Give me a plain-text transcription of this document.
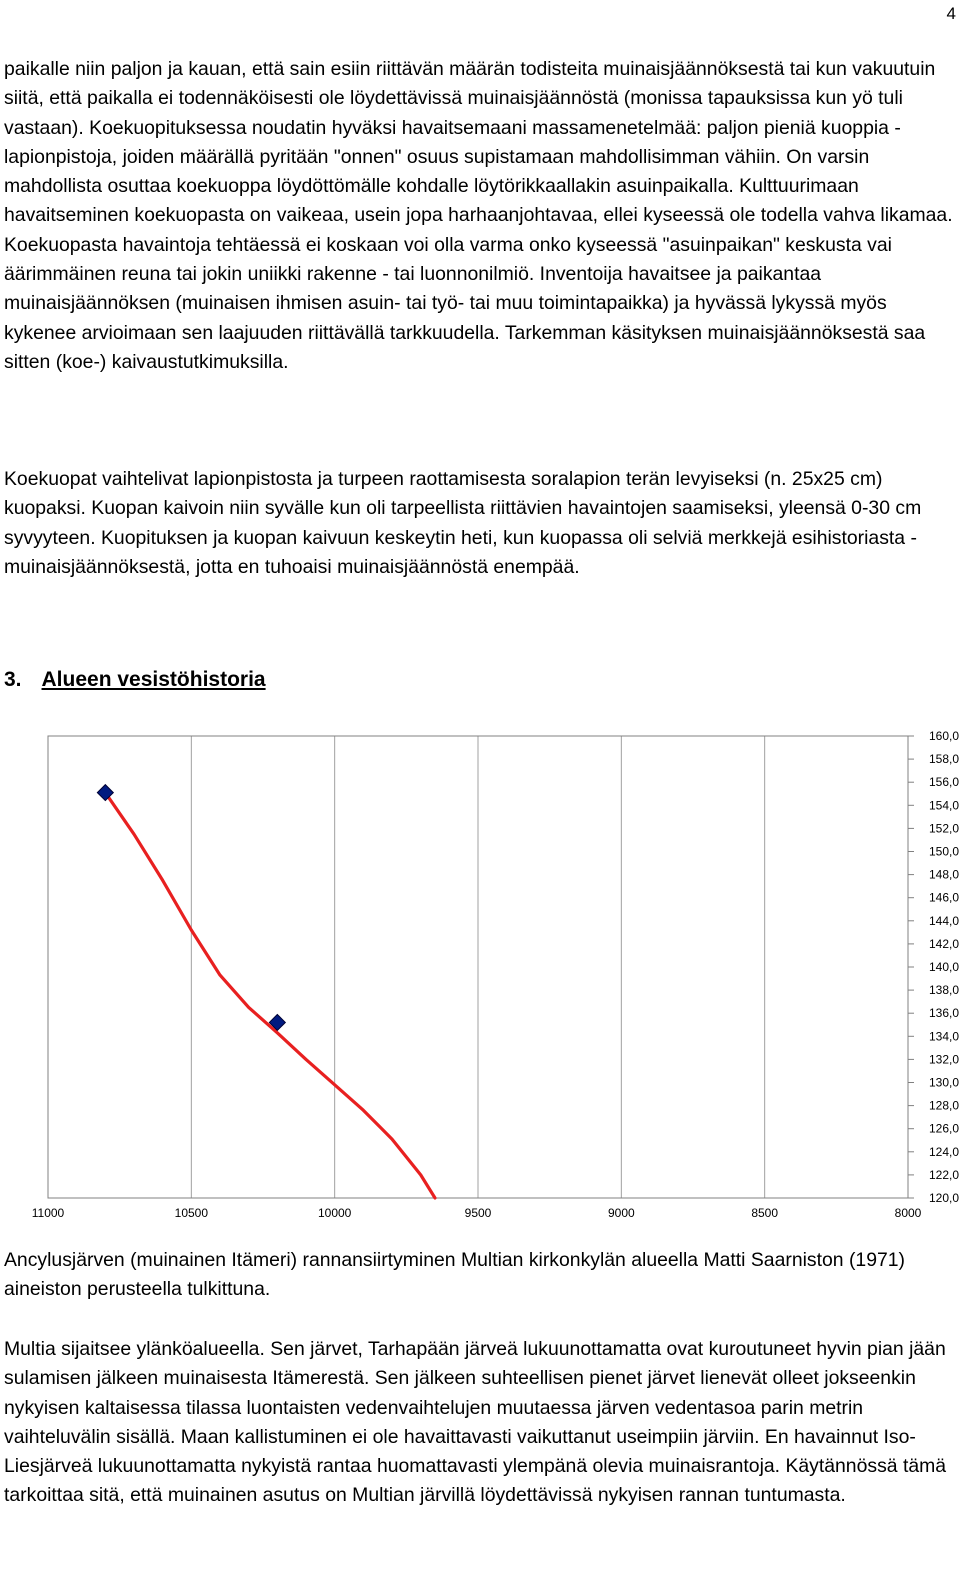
4

paikalle niin paljon ja kauan, että sain esiin riittävän määrän todisteita muinaisjäännöksestä tai kun vakuutuin siitä, että paikalla ei todennäköisesti ole löydettävissä muinaisjäännöstä (monissa tapauksissa kun yö tuli vastaan). Koekuopituksessa noudatin hyväksi havaitsemaani massamenetelmää: paljon pieniä kuoppia - lapionpistoja, joiden määrällä pyritään "onnen" osuus supistamaan mahdollisimman vähiin. On varsin mahdollista osuttaa koekuoppa löydöttömälle kohdalle löytörikkaallakin asuinpaikalla. Kulttuurimaan havaitseminen koekuopasta on vaikeaa, usein jopa harhaanjohtavaa, ellei kyseessä ole todella vahva likamaa. Koekuopasta havaintoja tehtäessä ei koskaan voi olla varma onko kyseessä "asuinpaikan" keskusta vai äärimmäinen reuna tai jokin uniikki rakenne - tai luonnonilmiö. Inventoija havaitsee ja paikantaa muinaisjäännöksen (muinaisen ihmisen asuin- tai työ- tai muu toimintapaikka) ja hyvässä lykyssä myös kykenee arvioimaan sen laajuuden riittävällä tarkkuudella. Tarkemman käsityksen muinaisjäännöksestä saa sitten (koe-) kaivaustutkimuksilla.

Koekuopat vaihtelivat lapionpistosta ja turpeen raottamisesta soralapion terän levyiseksi (n. 25x25 cm) kuopaksi. Kuopan kaivoin niin syvälle kun oli tarpeellista riittävien havaintojen saamiseksi, yleensä 0-30 cm syvyyteen. Kuopituksen ja kuopan kaivuun keskeytin heti, kun kuopassa oli selviä merkkejä esihistoriasta - muinaisjäännöksestä, jotta en tuhoaisi muinaisjäännöstä enempää.

3. Alueen vesistöhistoria
11000	10500	10000	9500	9000	8500	8000
120,0
122,0
124,0
126,0
128,0
130,0
132,0
134,0
136,0
138,0
140,0
142,0
144,0
146,0
148,0
150,0
152,0
154,0
156,0
158,0
160,0

Ancylusjärven (muinainen Itämeri) rannansiirtyminen Multian kirkonkylän alueella Matti Saarniston (1971) aineiston perusteella tulkittuna.

Multia sijaitsee ylänköalueella. Sen järvet, Tarhapään järveä lukuunottamatta ovat kuroutuneet hyvin pian jään sulamisen jälkeen muinaisesta Itämerestä. Sen jälkeen suhteellisen pienet järvet lienevät olleet jokseenkin nykyisen kaltaisessa tilassa luontaisten vedenvaihtelujen muutaessa järven vedentasoa parin metrin vaihteluvälin sisällä. Maan kallistuminen ei ole havaittavasti vaikuttanut useimpiin järviin. En havainnut Iso-Liesjärveä lukuunottamatta nykyistä rantaa huomattavasti ylempänä olevia muinaisrantoja. Käytännössä tämä tarkoittaa sitä, että muinainen asutus on Multian järvillä löydettävissä nykyisen rannan tuntumasta.
